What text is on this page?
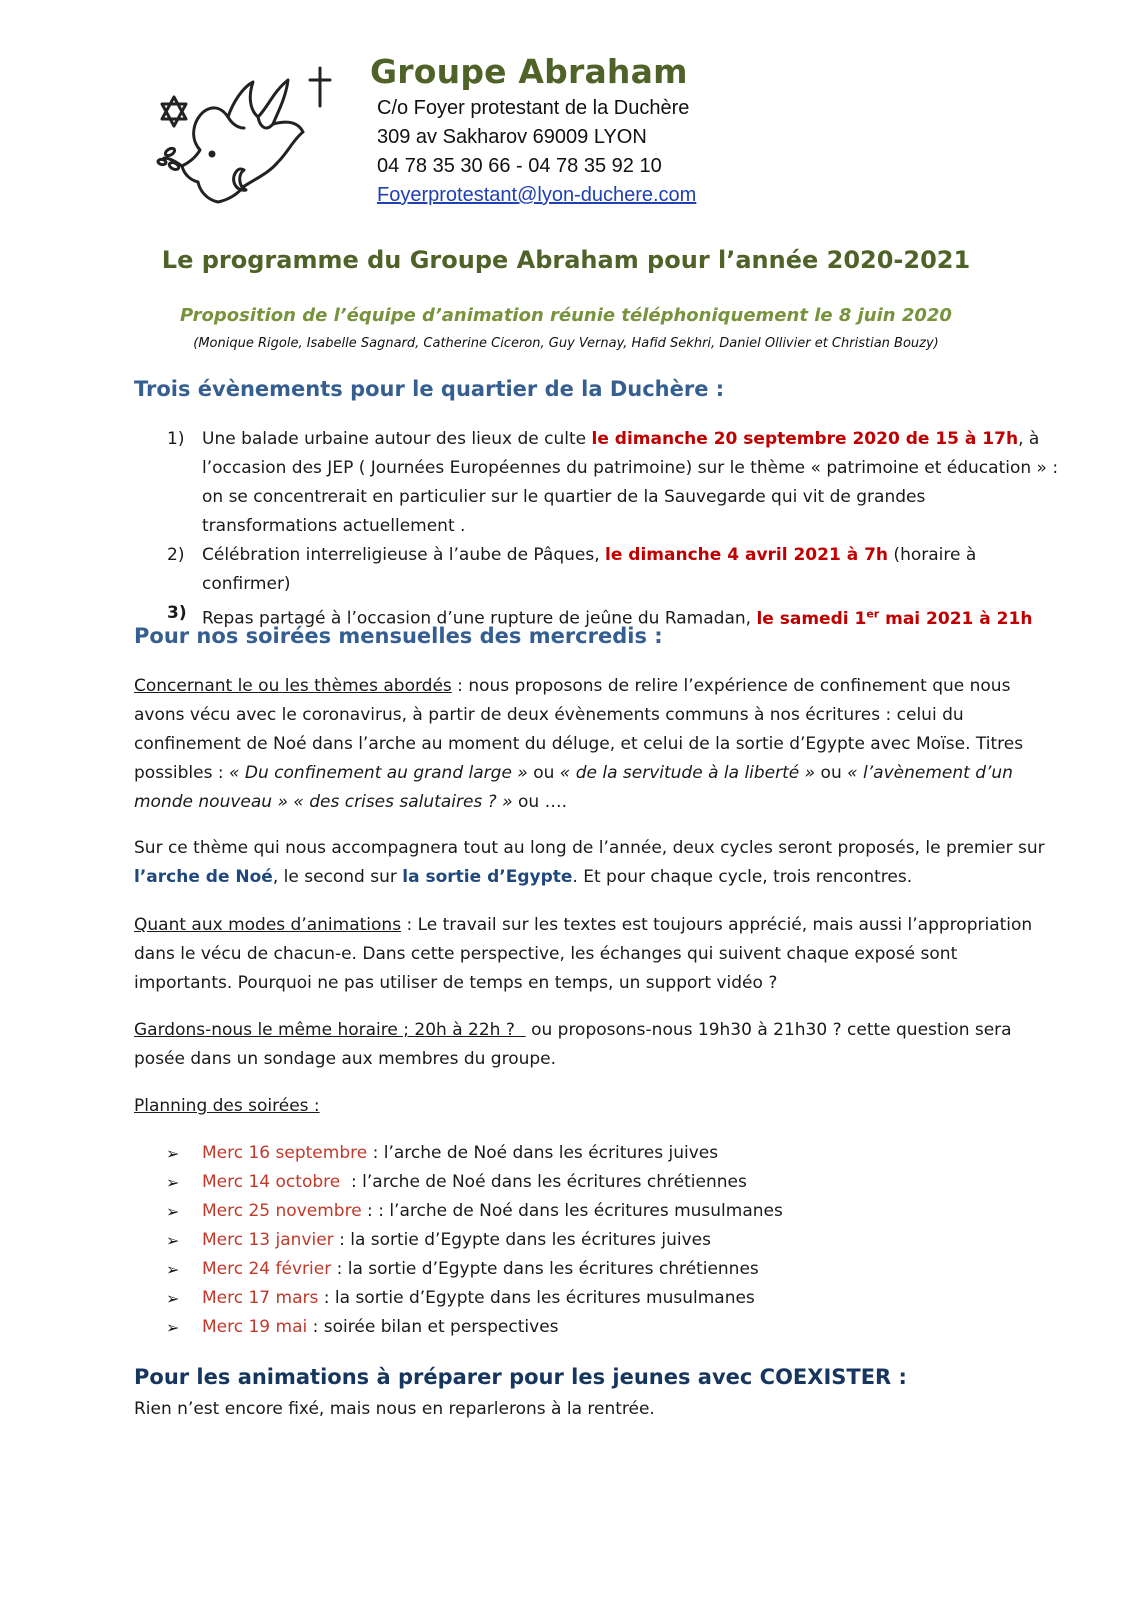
Groupe Abraham
C/o Foyer protestant de la Duchère
309 av Sakharov 69009 LYON
04 78 35 30 66 - 04 78 35 92 10
Foyerprotestant@lyon-duchere.com
Le programme du Groupe Abraham pour l’année 2020-2021
Proposition de l’équipe d’animation réunie téléphoniquement le 8 juin 2020
(Monique Rigole, Isabelle Sagnard, Catherine Ciceron, Guy Vernay, Hafid Sekhri, Daniel Ollivier et Christian Bouzy)
Trois évènements pour le quartier de la Duchère :
1) Une balade urbaine autour des lieux de culte le dimanche 20 septembre 2020 de 15 à 17h, à l’occasion des JEP ( Journées Européennes du patrimoine) sur le thème « patrimoine et éducation » : on se concentrerait en particulier sur le quartier de la Sauvegarde qui vit de grandes transformations actuellement .
2) Célébration interreligieuse à l’aube de Pâques, le dimanche 4 avril 2021 à 7h (horaire à confirmer)
3) Repas partagé à l’occasion d’une rupture de jeûne du Ramadan, le samedi 1er mai 2021 à 21h
Pour nos soirées mensuelles des mercredis :
Concernant le ou les thèmes abordés : nous proposons de relire l’expérience de confinement que nous avons vécu avec le coronavirus, à partir de deux évènements communs à nos écritures : celui du confinement de Noé dans l’arche au moment du déluge, et celui de la sortie d’Egypte avec Moïse. Titres possibles : « Du confinement au grand large » ou « de la servitude à la liberté » ou « l’avènement d’un monde nouveau » « des crises salutaires ? » ou ….
Sur ce thème qui nous accompagnera tout au long de l’année, deux cycles seront proposés, le premier sur l’arche de Noé, le second sur la sortie d’Egypte. Et pour chaque cycle, trois rencontres.
Quant aux modes d’animations : Le travail sur les textes est toujours apprécié, mais aussi l’appropriation dans le vécu de chacun-e. Dans cette perspective, les échanges qui suivent chaque exposé sont importants. Pourquoi ne pas utiliser de temps en temps, un support vidéo ?
Gardons-nous le même horaire ; 20h à 22h ?   ou proposons-nous 19h30 à 21h30 ? cette question sera posée dans un sondage aux membres du groupe.
Planning des soirées :
➢ Merc 16 septembre : l’arche de Noé dans les écritures juives
➢ Merc 14 octobre  : l’arche de Noé dans les écritures chrétiennes
➢ Merc 25 novembre : : l’arche de Noé dans les écritures musulmanes
➢ Merc 13 janvier : la sortie d’Egypte dans les écritures juives
➢ Merc 24 février : la sortie d’Egypte dans les écritures chrétiennes
➢ Merc 17 mars : la sortie d’Egypte dans les écritures musulmanes
➢ Merc 19 mai : soirée bilan et perspectives
Pour les animations à préparer pour les jeunes avec COEXISTER :
Rien n’est encore fixé, mais nous en reparlerons à la rentrée.
